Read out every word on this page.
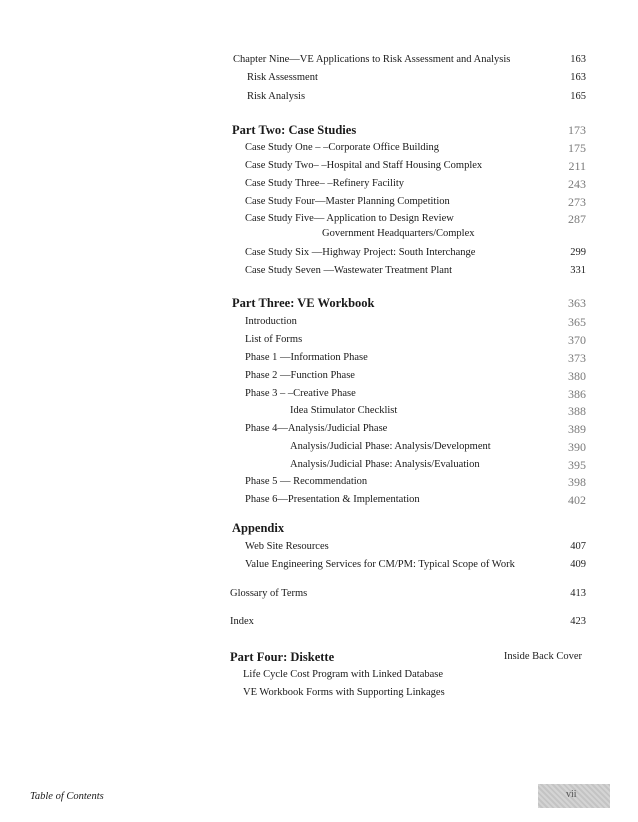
Chapter Nine—VE Applications to Risk Assessment and Analysis	163
Risk Assessment	163
Risk Analysis	165
Part Two: Case Studies	173
Case Study One – –Corporate Office Building	175
Case Study Two– –Hospital and Staff Housing Complex	211
Case Study Three– –Refinery Facility	243
Case Study Four—Master Planning Competition	273
Case Study Five— Application to Design Review	287
Government Headquarters/Complex
Case Study Six —Highway Project: South Interchange	299
Case Study Seven —Wastewater Treatment Plant	331
Part Three: VE Workbook	363
Introduction	365
List of Forms	370
Phase 1 —Information Phase	373
Phase 2 —Function Phase	380
Phase 3 – –Creative Phase	386
Idea Stimulator Checklist	388
Phase 4—Analysis/Judicial Phase	389
Analysis/Judicial Phase: Analysis/Development	390
Analysis/Judicial Phase: Analysis/Evaluation	395
Phase 5 — Recommendation	398
Phase 6—Presentation & Implementation	402
Appendix
Web Site Resources	407
Value Engineering Services for CM/PM: Typical Scope of Work	409
Glossary of Terms	413
Index	423
Part Four: Diskette	Inside Back Cover
Life Cycle Cost Program with Linked Database
VE Workbook Forms with Supporting Linkages
Table of Contents	vii
